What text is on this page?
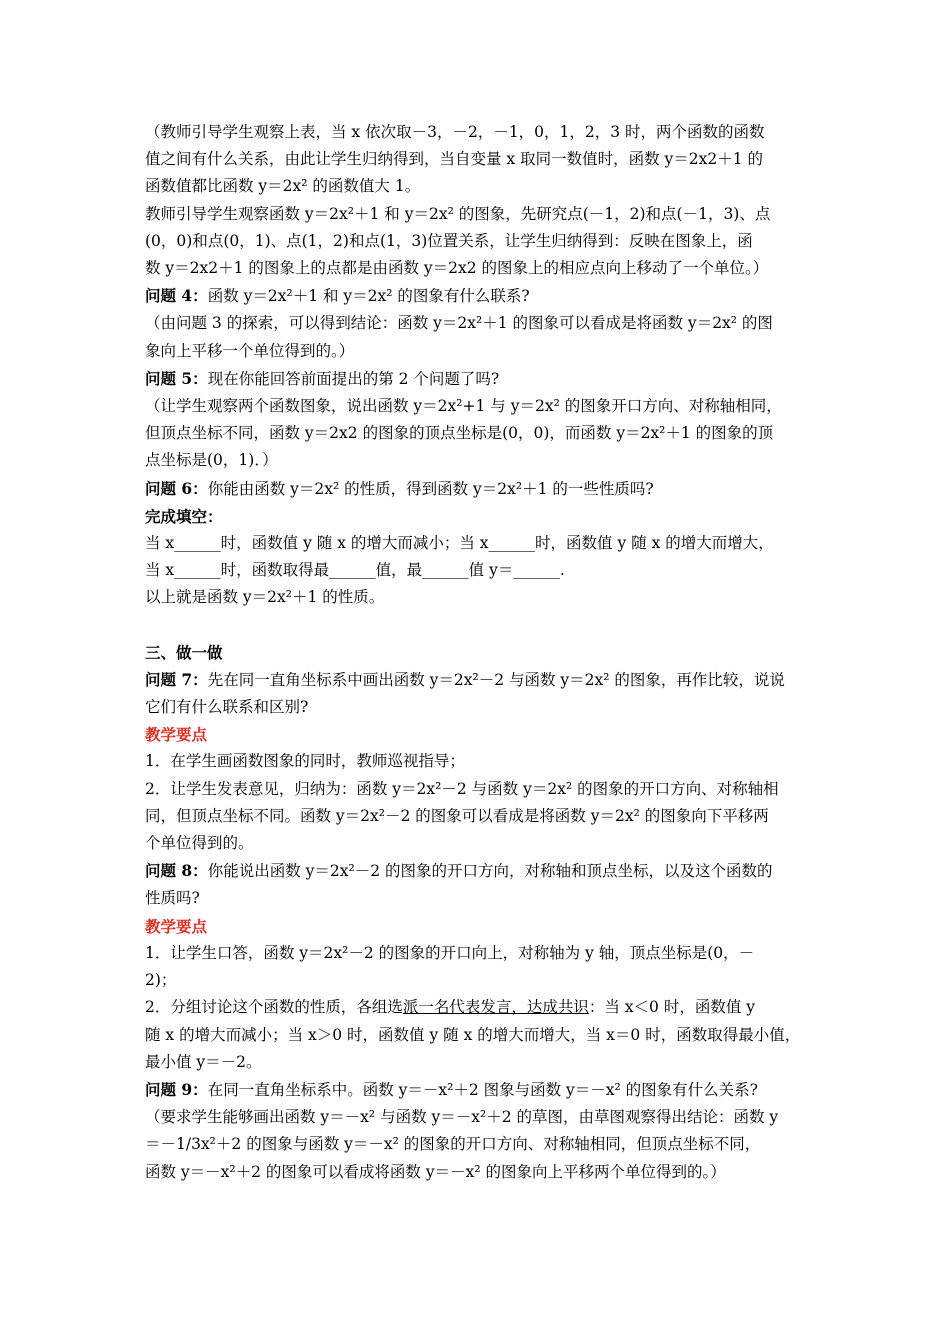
（教师引导学生观察上表，当 x 依次取－3，－2，－1，0，1，2，3 时，两个函数的函数

值之间有什么关系，由此让学生归纳得到，当自变量 x 取同一数值时，函数 y＝2x2＋1 的

函数值都比函数 y＝2x² 的函数值大 1。

教师引导学生观察函数 y＝2x²＋1 和 y＝2x² 的图象，先研究点(－1，2)和点(－1，3)、点

(0，0)和点(0，1)、点(1，2)和点(1，3)位置关系，让学生归纳得到：反映在图象上，函

数 y＝2x2＋1 的图象上的点都是由函数 y＝2x2 的图象上的相应点向上移动了一个单位。）

问题 4：函数 y＝2x²＋1 和 y＝2x² 的图象有什么联系?

（由问题 3 的探索，可以得到结论：函数 y＝2x²＋1 的图象可以看成是将函数 y＝2x² 的图

象向上平移一个单位得到的。）

问题 5：现在你能回答前面提出的第 2 个问题了吗?

（让学生观察两个函数图象，说出函数 y＝2x²+1 与 y＝2x² 的图象开口方向、对称轴相同，

但顶点坐标不同，函数 y＝2x2 的图象的顶点坐标是(0，0)，而函数 y＝2x²＋1 的图象的顶

点坐标是(0，1)．）

问题 6：你能由函数 y＝2x² 的性质，得到函数 y＝2x²＋1 的一些性质吗?

完成填空：

当 x______时，函数值 y 随 x 的增大而减小；当 x______时，函数值 y 随 x 的增大而增大，

当 x______时，函数取得最______值，最______值 y＝______.

以上就是函数 y＝2x²＋1 的性质。

三、做一做

问题 7：先在同一直角坐标系中画出函数 y＝2x²－2 与函数 y＝2x² 的图象，再作比较，说说

它们有什么联系和区别?

教学要点

1．在学生画函数图象的同时，教师巡视指导；

2．让学生发表意见，归纳为：函数 y＝2x²－2 与函数 y＝2x² 的图象的开口方向、对称轴相

同，但顶点坐标不同。函数 y＝2x²－2 的图象可以看成是将函数 y＝2x² 的图象向下平移两

个单位得到的。

问题 8：你能说出函数 y＝2x²－2 的图象的开口方向，对称轴和顶点坐标，以及这个函数的

性质吗?

教学要点

1．让学生口答，函数 y＝2x²－2 的图象的开口向上，对称轴为 y 轴，顶点坐标是(0，－

2)；

2．分组讨论这个函数的性质，各组选派一名代表发言，达成共识：当 x＜0 时，函数值 y

随 x 的增大而减小；当 x＞0 时，函数值 y 随 x 的增大而增大，当 x＝0 时，函数取得最小值，

最小值 y＝－2。

问题 9：在同一直角坐标系中。函数 y＝－x²＋2 图象与函数 y＝－x² 的图象有什么关系?

（要求学生能够画出函数 y＝－x² 与函数 y＝－x²＋2 的草图，由草图观察得出结论：函数 y

＝－1/3x²＋2 的图象与函数 y＝－x² 的图象的开口方向、对称轴相同，但顶点坐标不同，

函数 y＝－x²＋2 的图象可以看成将函数 y＝－x² 的图象向上平移两个单位得到的。）
